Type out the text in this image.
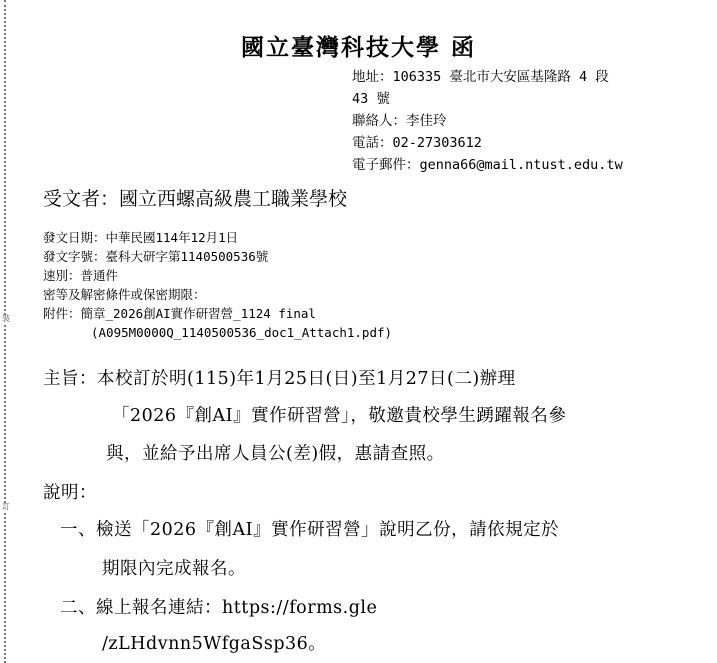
裝
訂
國立臺灣科技大學 函
地址：106335 臺北市大安區基隆路 4 段
43 號
聯絡人：李佳玲
電話：02-27303612
電子郵件：genna66@mail.ntust.edu.tw
受文者：國立西螺高級農工職業學校
發文日期：中華民國114年12月1日
發文字號：臺科大研字第1140500536號
速別：普通件
密等及解密條件或保密期限：
附件：簡章_2026創AI實作研習營_1124 final
(A095M0000Q_1140500536_doc1_Attach1.pdf)
主旨：本校訂於明(115)年1月25日(日)至1月27日(二)辦理
「2026『創AI』實作研習營」，敬邀貴校學生踴躍報名參
與，並給予出席人員公(差)假，惠請查照。
說明：
一、檢送「2026『創AI』實作研習營」說明乙份，請依規定於
期限內完成報名。
二、線上報名連結：https://forms.gle
/zLHdvnn5WfgaSsp36。
